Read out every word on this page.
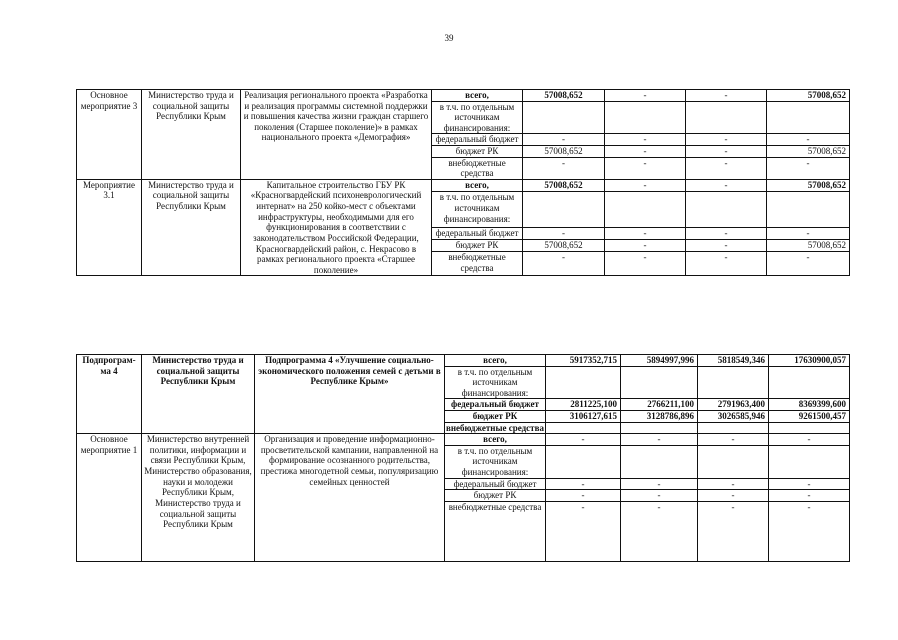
39
Основное мероприятие 3	Министерство труда и социальной защиты Республики Крым	Реализация регионального проекта «Разработка и реализация программы системной поддержки и повышения качества жизни граждан старшего поколения (Старшее поколение)» в рамках национального проекта «Демография»	всего,	57008,652	-	-	57008,652
			в т.ч. по отдельным источникам финансирования:				
			федеральный бюджет	-	-	-	-
			бюджет РК	57008,652	-	-	57008,652
			внебюджетные средства	-	-	-	-
Мероприятие 3.1	Министерство труда и социальной защиты Республики Крым	Капитальное строительство ГБУ РК «Красногвардейский психоневрологический интернат» на 250 койко-мест с объектами инфраструктуры, необходимыми для его функционирования в соответствии с законодательством Российской Федерации, Красногвардейский район, с. Некрасово в рамках регионального проекта «Старшее поколение»	всего,	57008,652	-	-	57008,652
			в т.ч. по отдельным источникам финансирования:				
			федеральный бюджет	-	-	-	-
			бюджет РК	57008,652	-	-	57008,652
			внебюджетные средства	-	-	-	-
Подпрограм-ма 4	Министерство труда и социальной защиты Республики Крым	Подпрограмма 4 «Улучшение социально-экономического положения семей с детьми в Республике Крым»	всего,	5917352,715	5894997,996	5818549,346	17630900,057
			в т.ч. по отдельным источникам финансирования:				
			федеральный бюджет	2811225,100	2766211,100	2791963,400	8369399,600
			бюджет РК	3106127,615	3128786,896	3026585,946	9261500,457
			внебюджетные средства				
Основное мероприятие 1	Министерство внутренней политики, информации и связи Республики Крым, Министерство образования, науки и молодежи Республики Крым, Министерство труда и социальной защиты Республики Крым	Организация и проведение информационно-просветительской кампании, направленной на формирование осознанного родительства, престижа многодетной семьи, популяризацию семейных ценностей	всего,	-	-	-	-
			в т.ч. по отдельным источникам финансирования:				
			федеральный бюджет	-	-	-	-
			бюджет РК	-	-	-	-
			внебюджетные средства	-	-	-	-
